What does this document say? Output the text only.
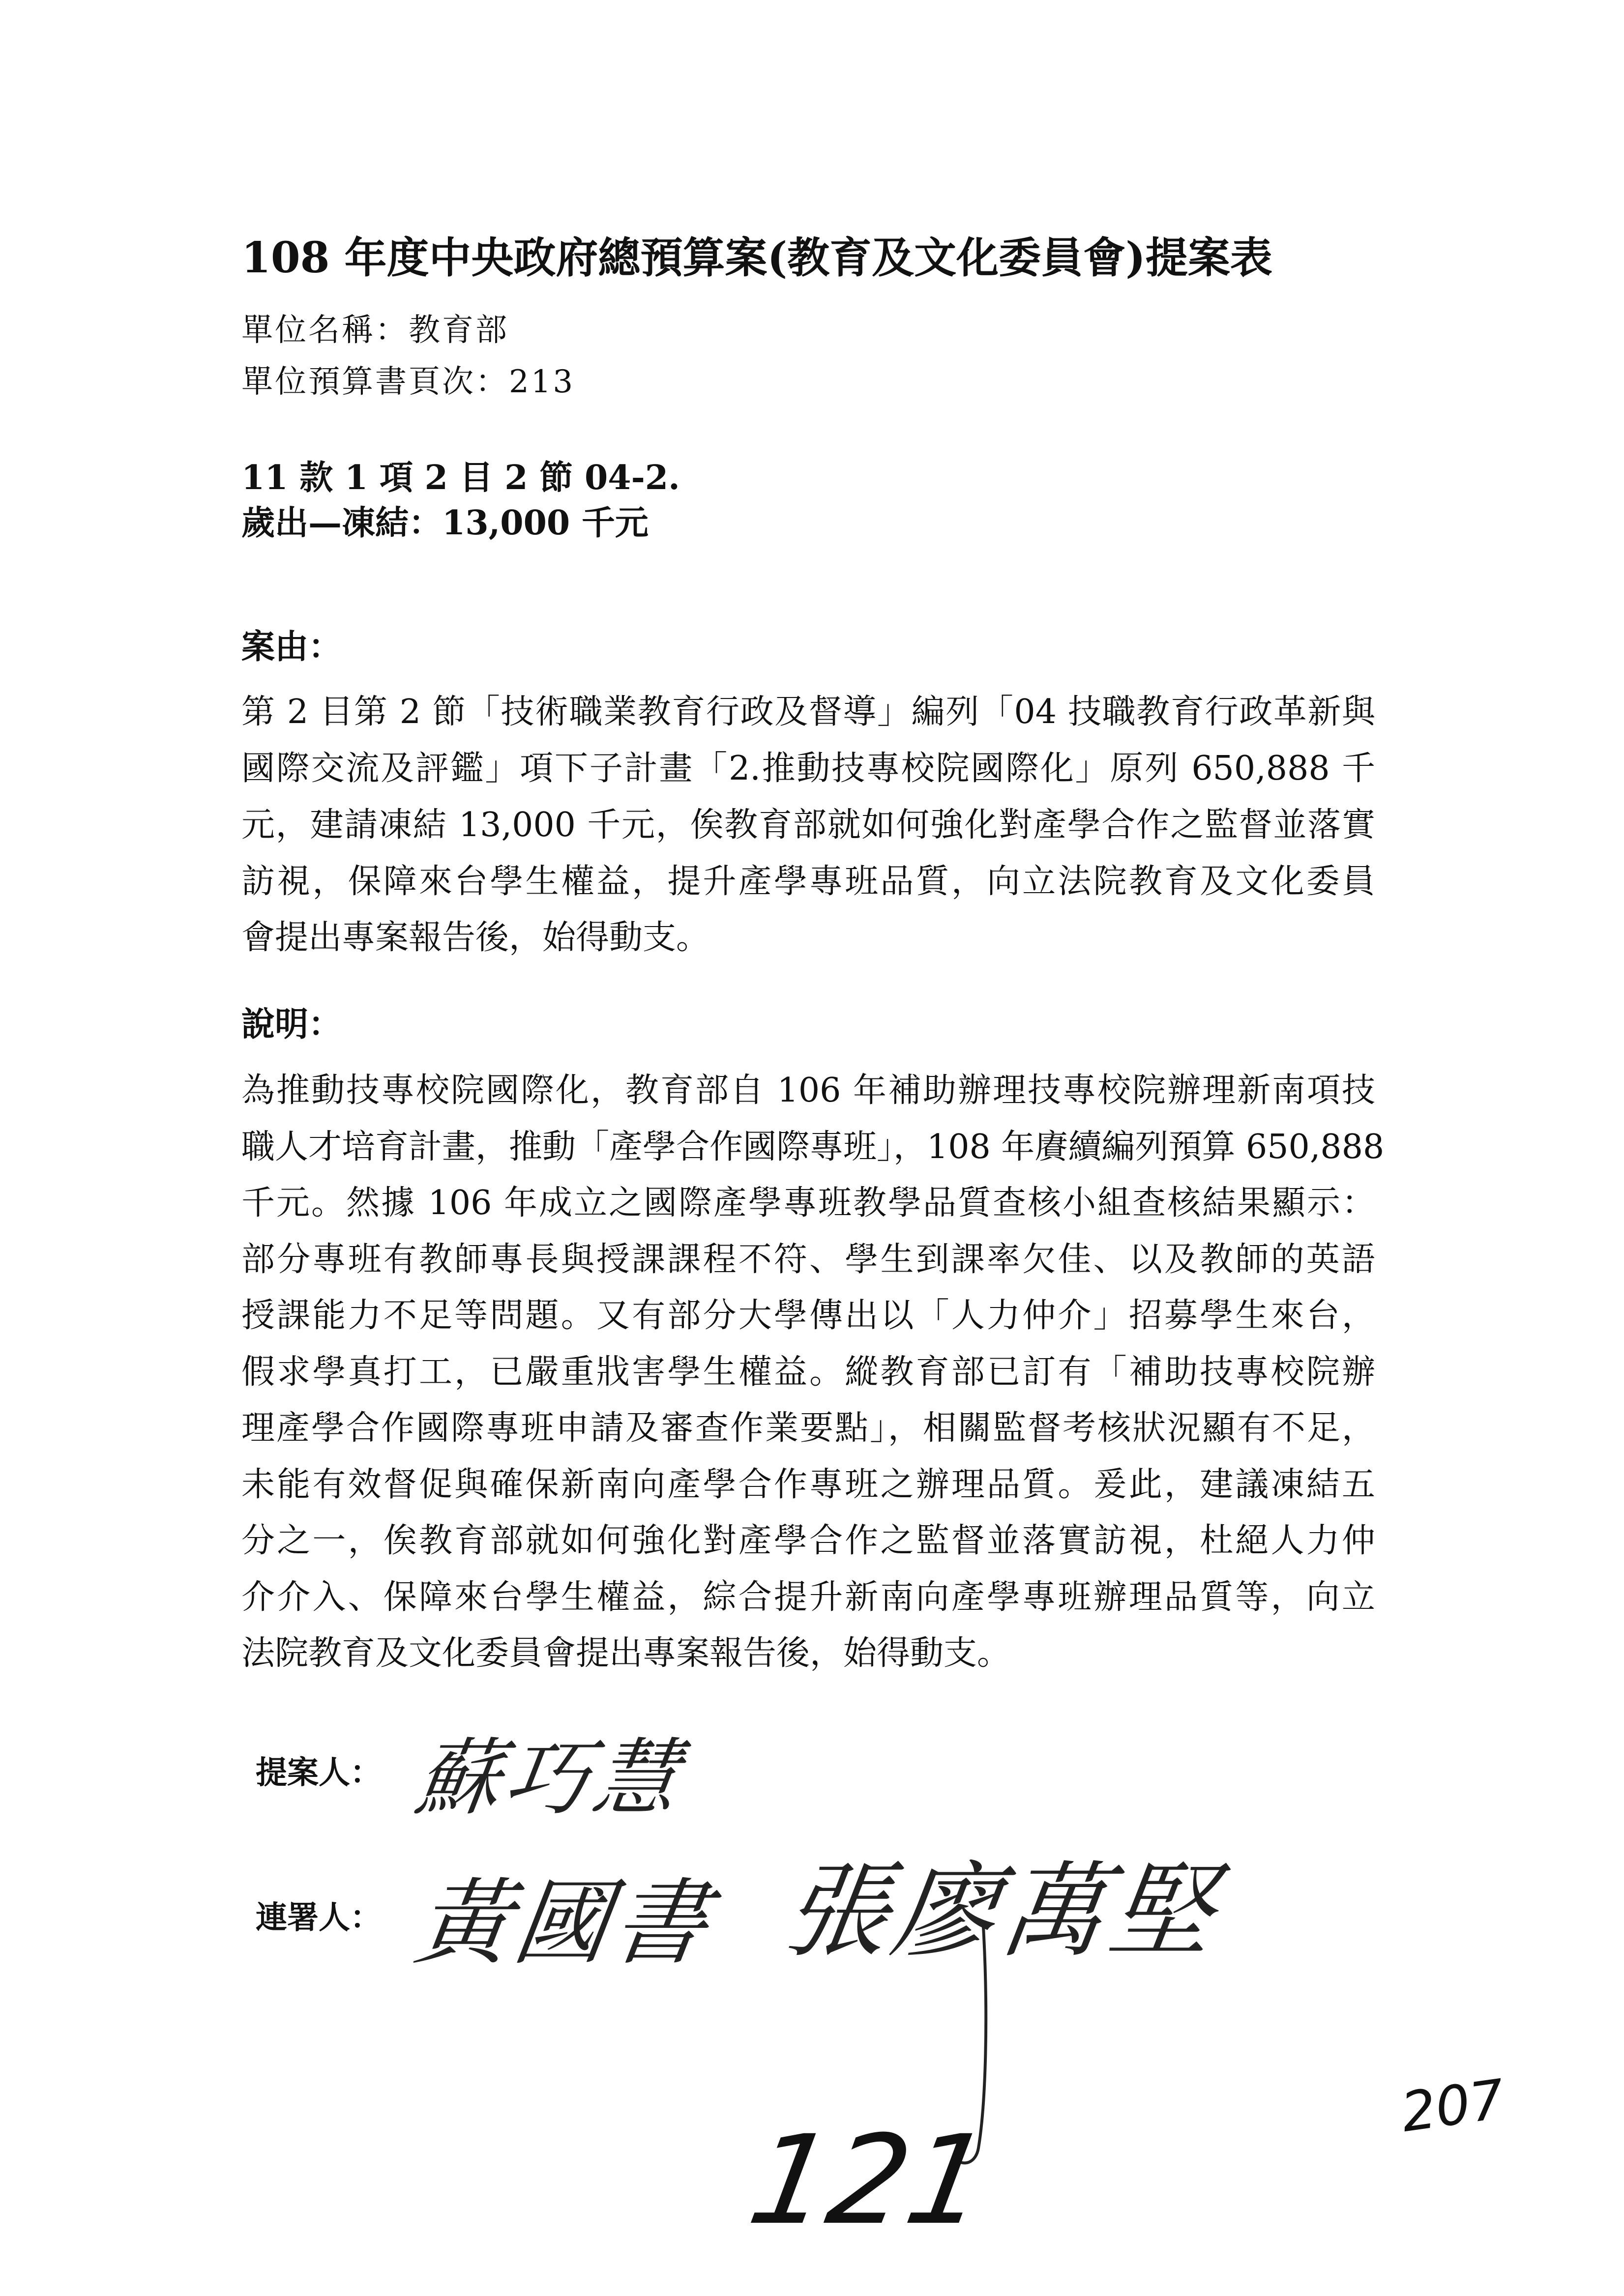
108 年度中央政府總預算案(教育及文化委員會)提案表
單位名稱：教育部
單位預算書頁次：213
11 款 1 項 2 目 2 節 04-2.
歲出—凍結：13,000 千元
案由：
第 2 目第 2 節「技術職業教育行政及督導」編列「04 技職教育行政革新與
國際交流及評鑑」項下子計畫「2.推動技專校院國際化」原列 650,888 千
元，建請凍結 13,000 千元，俟教育部就如何強化對產學合作之監督並落實
訪視，保障來台學生權益，提升產學專班品質，向立法院教育及文化委員
會提出專案報告後，始得動支。
說明：
為推動技專校院國際化，教育部自 106 年補助辦理技專校院辦理新南項技
職人才培育計畫，推動「產學合作國際專班」，108 年賡續編列預算 650,888
千元。然據 106 年成立之國際產學專班教學品質查核小組查核結果顯示：
部分專班有教師專長與授課課程不符、學生到課率欠佳、以及教師的英語
授課能力不足等問題。又有部分大學傳出以「人力仲介」招募學生來台，
假求學真打工，已嚴重戕害學生權益。縱教育部已訂有「補助技專校院辦
理產學合作國際專班申請及審查作業要點」，相關監督考核狀況顯有不足，
未能有效督促與確保新南向產學合作專班之辦理品質。爰此，建議凍結五
分之一，俟教育部就如何強化對產學合作之監督並落實訪視，杜絕人力仲
介介入、保障來台學生權益，綜合提升新南向產學專班辦理品質等，向立
法院教育及文化委員會提出專案報告後，始得動支。
提案人： 蘇巧慧
連署人： 黃國書 張廖萬堅
121
207
